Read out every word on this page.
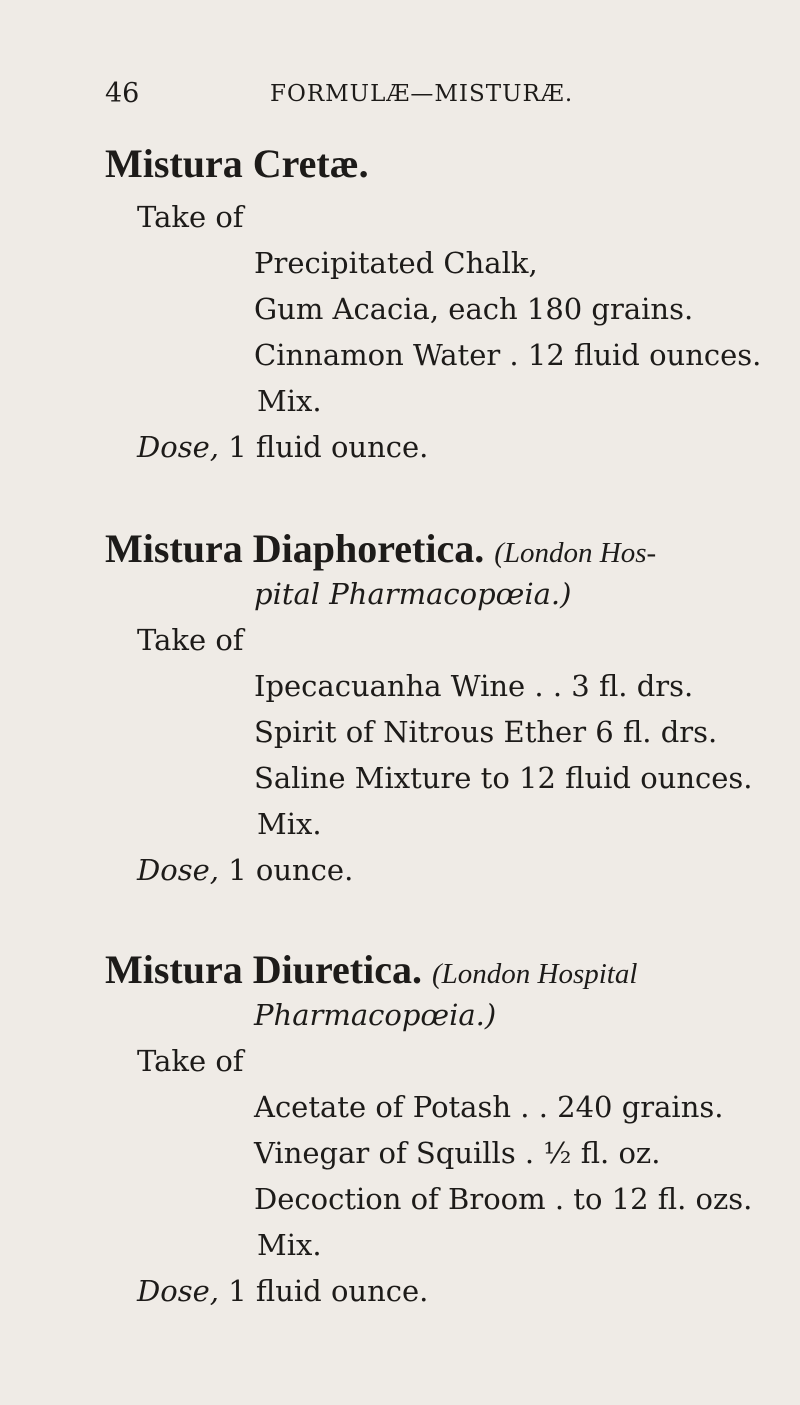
46	FORMULÆ—MISTURÆ.
Mistura Cretæ.
Take of
Precipitated Chalk,
Gum Acacia, each 180 grains.
Cinnamon Water . 12 fluid ounces.
Mix.
Dose, 1 fluid ounce.
Mistura Diaphoretica. (London Hos-
pital Pharmacopœia.)
Take of
Ipecacuanha Wine . . 3 fl. drs.
Spirit of Nitrous Ether 6 fl. drs.
Saline Mixture to 12 fluid ounces.
Mix.
Dose, 1 ounce.
Mistura Diuretica. (London Hospital
Pharmacopœia.)
Take of
Acetate of Potash . . 240 grains.
Vinegar of Squills . ½ fl. oz.
Decoction of Broom . to 12 fl. ozs.
Mix.
Dose, 1 fluid ounce.
